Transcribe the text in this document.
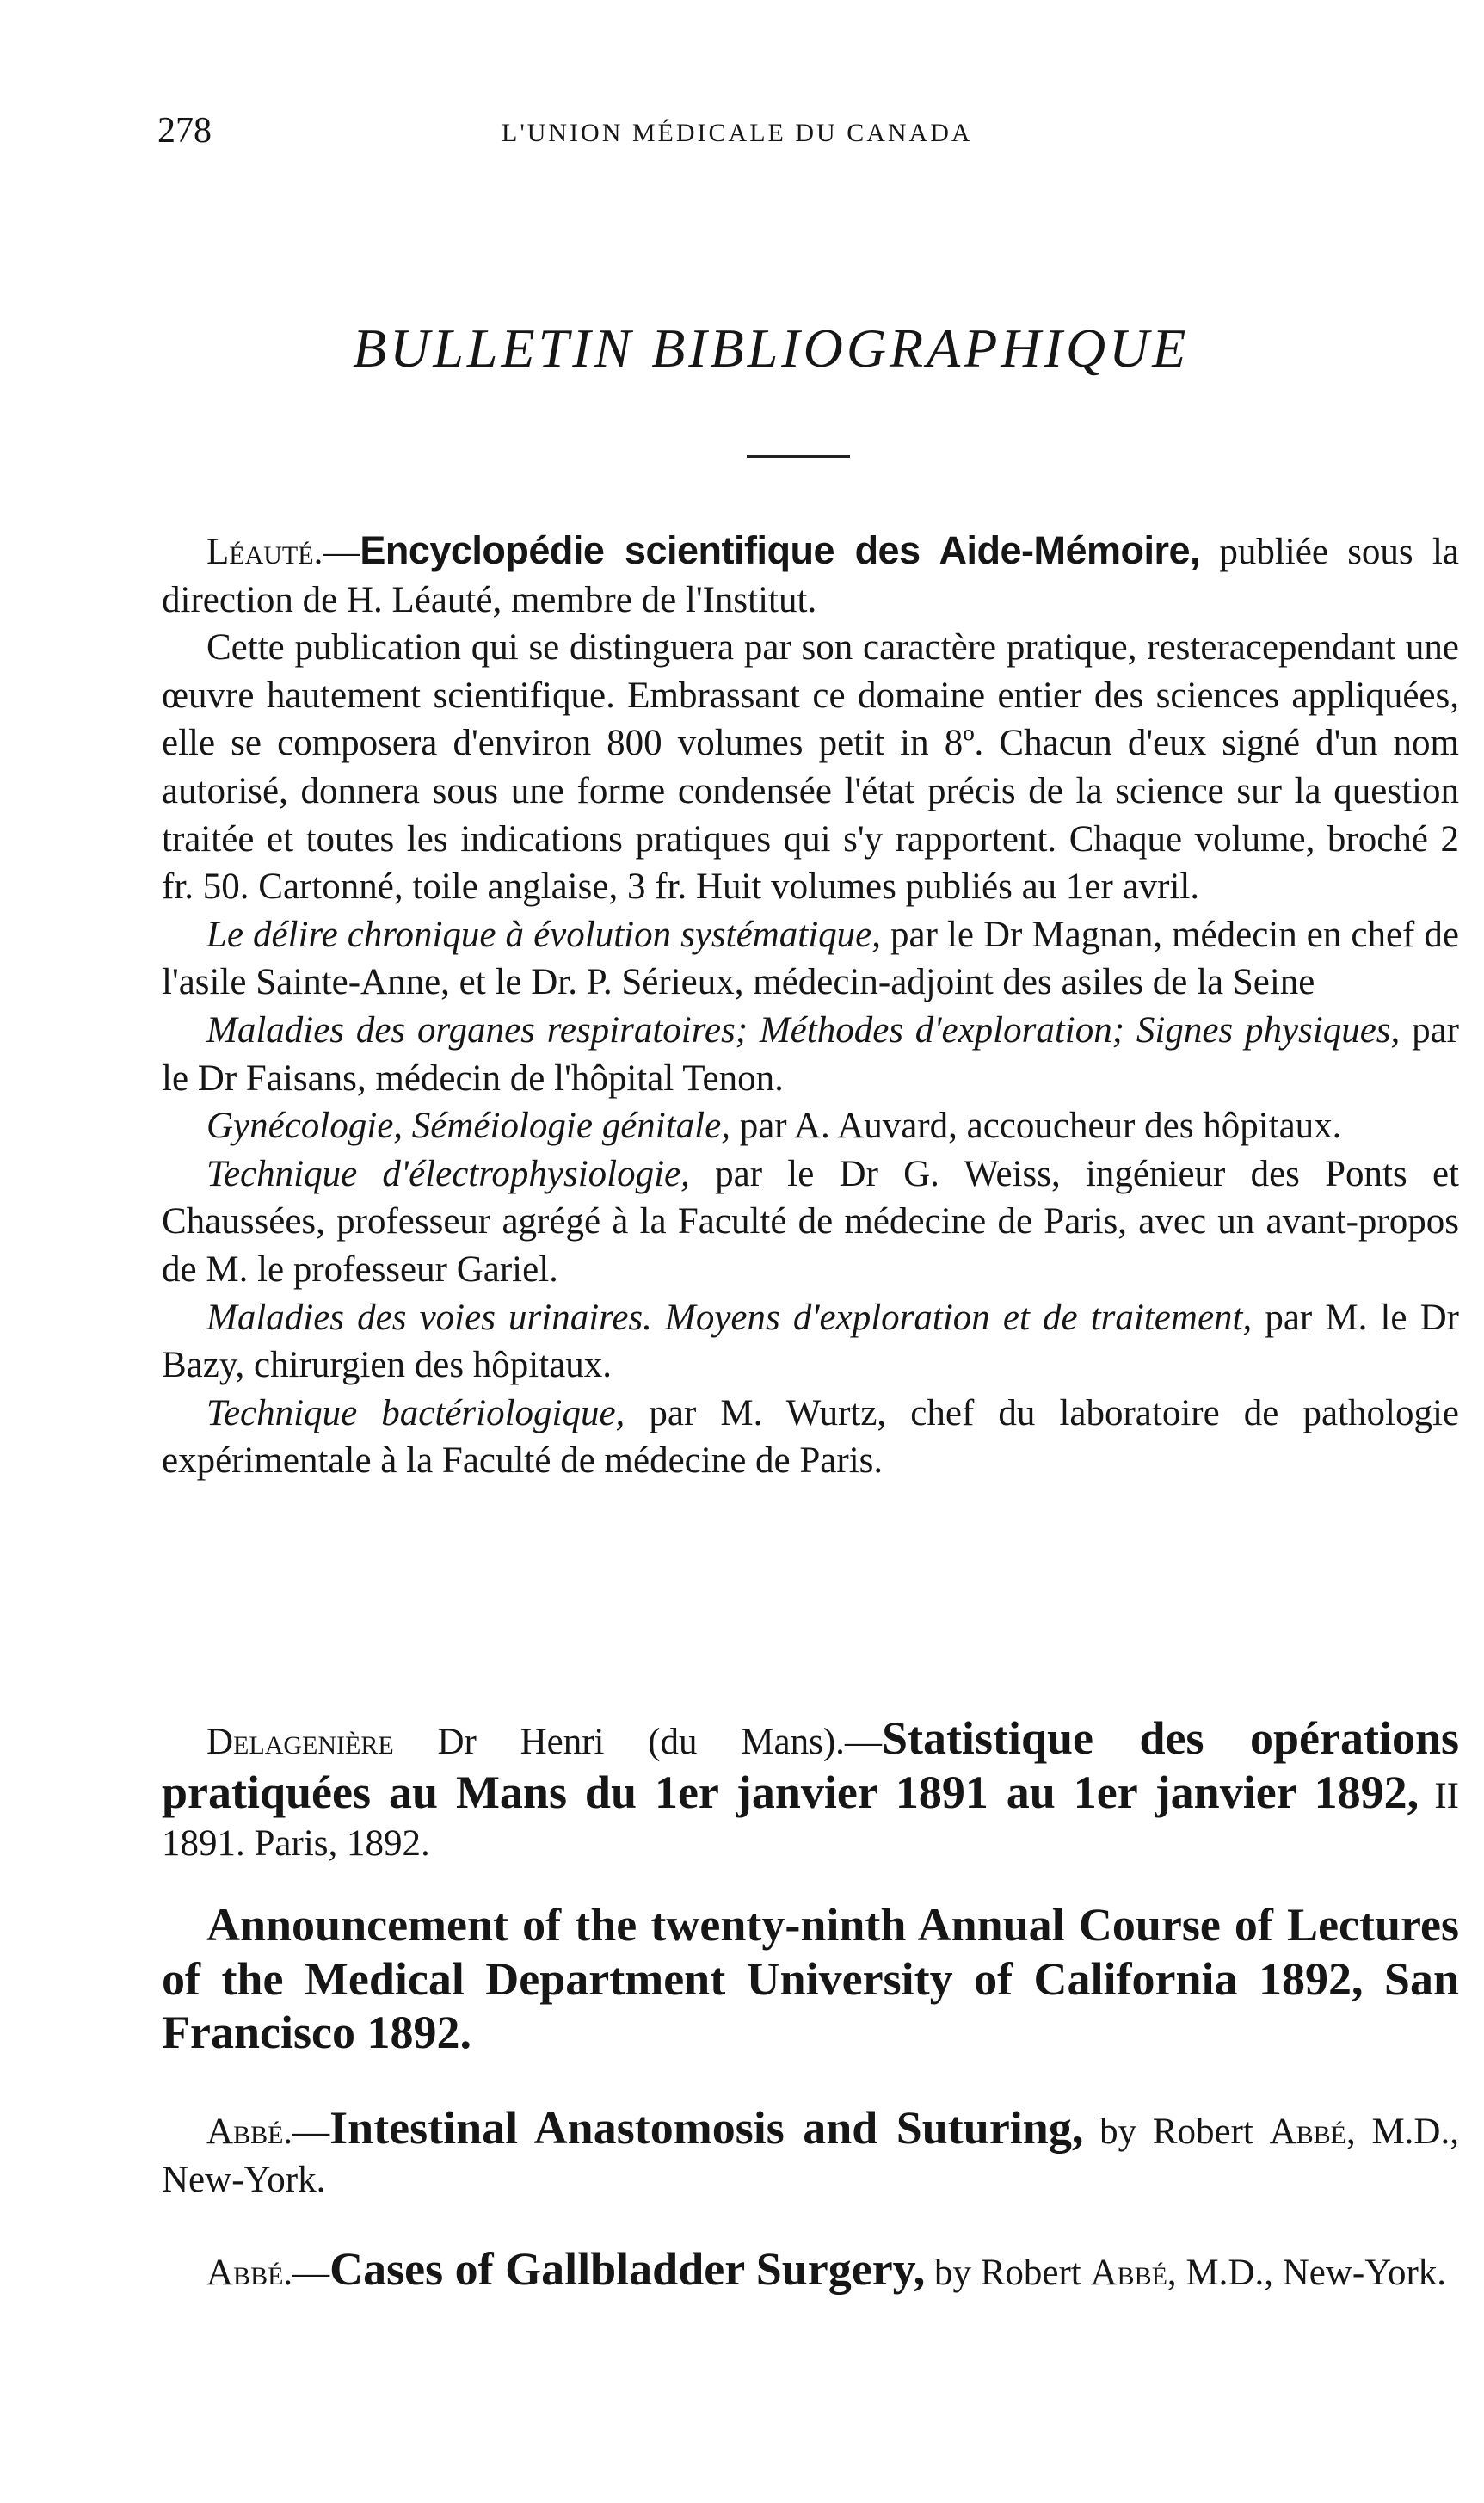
278	L'UNION MÉDICALE DU CANADA
BULLETIN BIBLIOGRAPHIQUE

Léauté.—Encyclopédie scientifique des Aide-Mémoire, publiée sous la direction de H. Léauté, membre de l'Institut.

Cette publication qui se distinguera par son caractère pratique, resteracependant une œuvre hautement scientifique. Embrassant ce domaine entier des sciences appliquées, elle se composera d'environ 800 volumes petit in 8º. Chacun d'eux signé d'un nom autorisé, donnera sous une forme condensée l'état précis de la science sur la question traitée et toutes les indications pratiques qui s'y rapportent. Chaque volume, broché 2 fr. 50. Cartonné, toile anglaise, 3 fr. Huit volumes publiés au 1er avril.

Le délire chronique à évolution systématique, par le Dr Magnan, médecin en chef de l'asile Sainte-Anne, et le Dr. P. Sérieux, médecin-adjoint des asiles de la Seine

Maladies des organes respiratoires; Méthodes d'exploration; Signes physiques, par le Dr Faisans, médecin de l'hôpital Tenon.

Gynécologie, Séméiologie génitale, par A. Auvard, accoucheur des hôpitaux.

Technique d'électrophysiologie, par le Dr G. Weiss, ingénieur des Ponts et Chaussées, professeur agrégé à la Faculté de médecine de Paris, avec un avant-propos de M. le professeur Gariel.

Maladies des voies urinaires. Moyens d'exploration et de traitement, par M. le Dr Bazy, chirurgien des hôpitaux.

Technique bactériologique, par M. Wurtz, chef du laboratoire de pathologie expérimentale à la Faculté de médecine de Paris.

Delagenière Dr Henri (du Mans).—Statistique des opérations pratiquées au Mans du 1er janvier 1891 au 1er janvier 1892, II 1891. Paris, 1892.

Announcement of the twenty-ninth Annual Course of Lectures of the Medical Department University of California 1892, San Francisco 1892.

Abbé.—Intestinal Anastomosis and Suturing, by Robert Abbé, M.D., New-York.

Abbé.—Cases of Gallbladder Surgery, by Robert Abbé, M.D., New-York.
